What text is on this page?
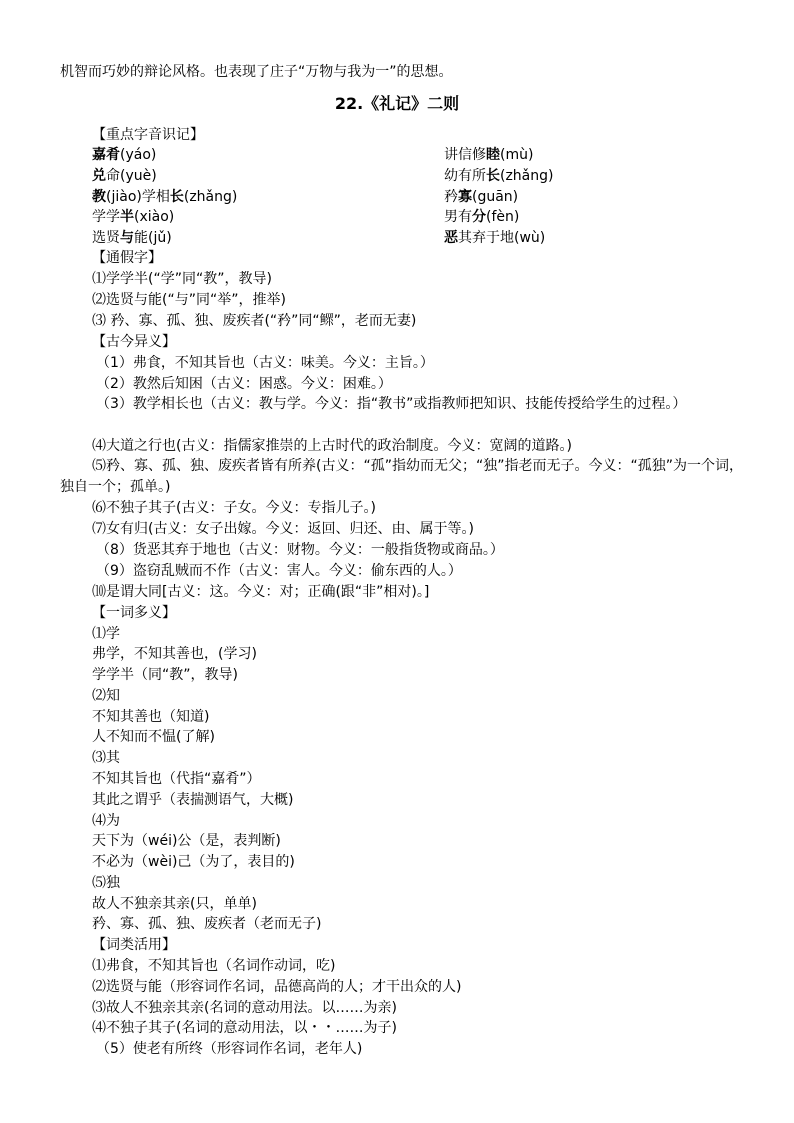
机智而巧妙的辩论风格。也表现了庄子“万物与我为一”的思想。
22.《礼记》二则
【重点字音识记】
嘉肴(yáo)
兑命(yuè)
教(jiào)学相长(zhǎng)
学学半(xiào)
选贤与能(jǔ)
讲信修睦(mù)
幼有所长(zhǎng)
矜寡(guān)
男有分(fèn)
恶其弃于地(wù)
【通假字】
⑴学学半(“学”同“教”，教导)
⑵选贤与能(“与”同“举”，推举)
⑶ 矜、寡、孤、独、废疾者(“矜”同“鳏”，老而无妻)
【古今异义】
（1）弗食，不知其旨也（古义：味美。今义：主旨。）
（2）教然后知困（古义：困惑。今义：困难。）
（3）教学相长也（古义：教与学。今义：指“教书”或指教师把知识、技能传授给学生的过程。）
⑷大道之行也(古义：指儒家推崇的上古时代的政治制度。今义：宽阔的道路。)
⑸矜、寡、孤、独、废疾者皆有所养(古义：“孤”指幼而无父；“独”指老而无子。今义：“孤独”为一个词，独自一个；孤单。)
⑹不独子其子(古义：子女。今义：专指儿子。)
⑺女有归(古义：女子出嫁。今义：返回、归还、由、属于等。)
（8）货恶其弃于地也（古义：财物。今义：一般指货物或商品。）
（9）盗窃乱贼而不作（古义：害人。今义：偷东西的人。）
⑽是谓大同[古义：这。今义：对；正确(跟“非”相对)。]
【一词多义】
⑴学
弗学，不知其善也，(学习)
学学半（同“教”，教导)
⑵知
不知其善也（知道)
人不知而不愠(了解)
⑶其
不知其旨也（代指“嘉肴”）
其此之谓乎（表揣测语气，大概)
⑷为
天下为（wéi)公（是，表判断)
不必为（wèi)己（为了，表目的)
⑸独
故人不独亲其亲(只，单单)
矜、寡、孤、独、废疾者（老而无子)
【词类活用】
⑴弗食，不知其旨也（名词作动词，吃)
⑵选贤与能（形容词作名词，品德高尚的人；才干出众的人)
⑶故人不独亲其亲(名词的意动用法。以……为亲)
⑷不独子其子(名词的意动用法，以・・……为子)
（5）使老有所终（形容词作名词，老年人)
